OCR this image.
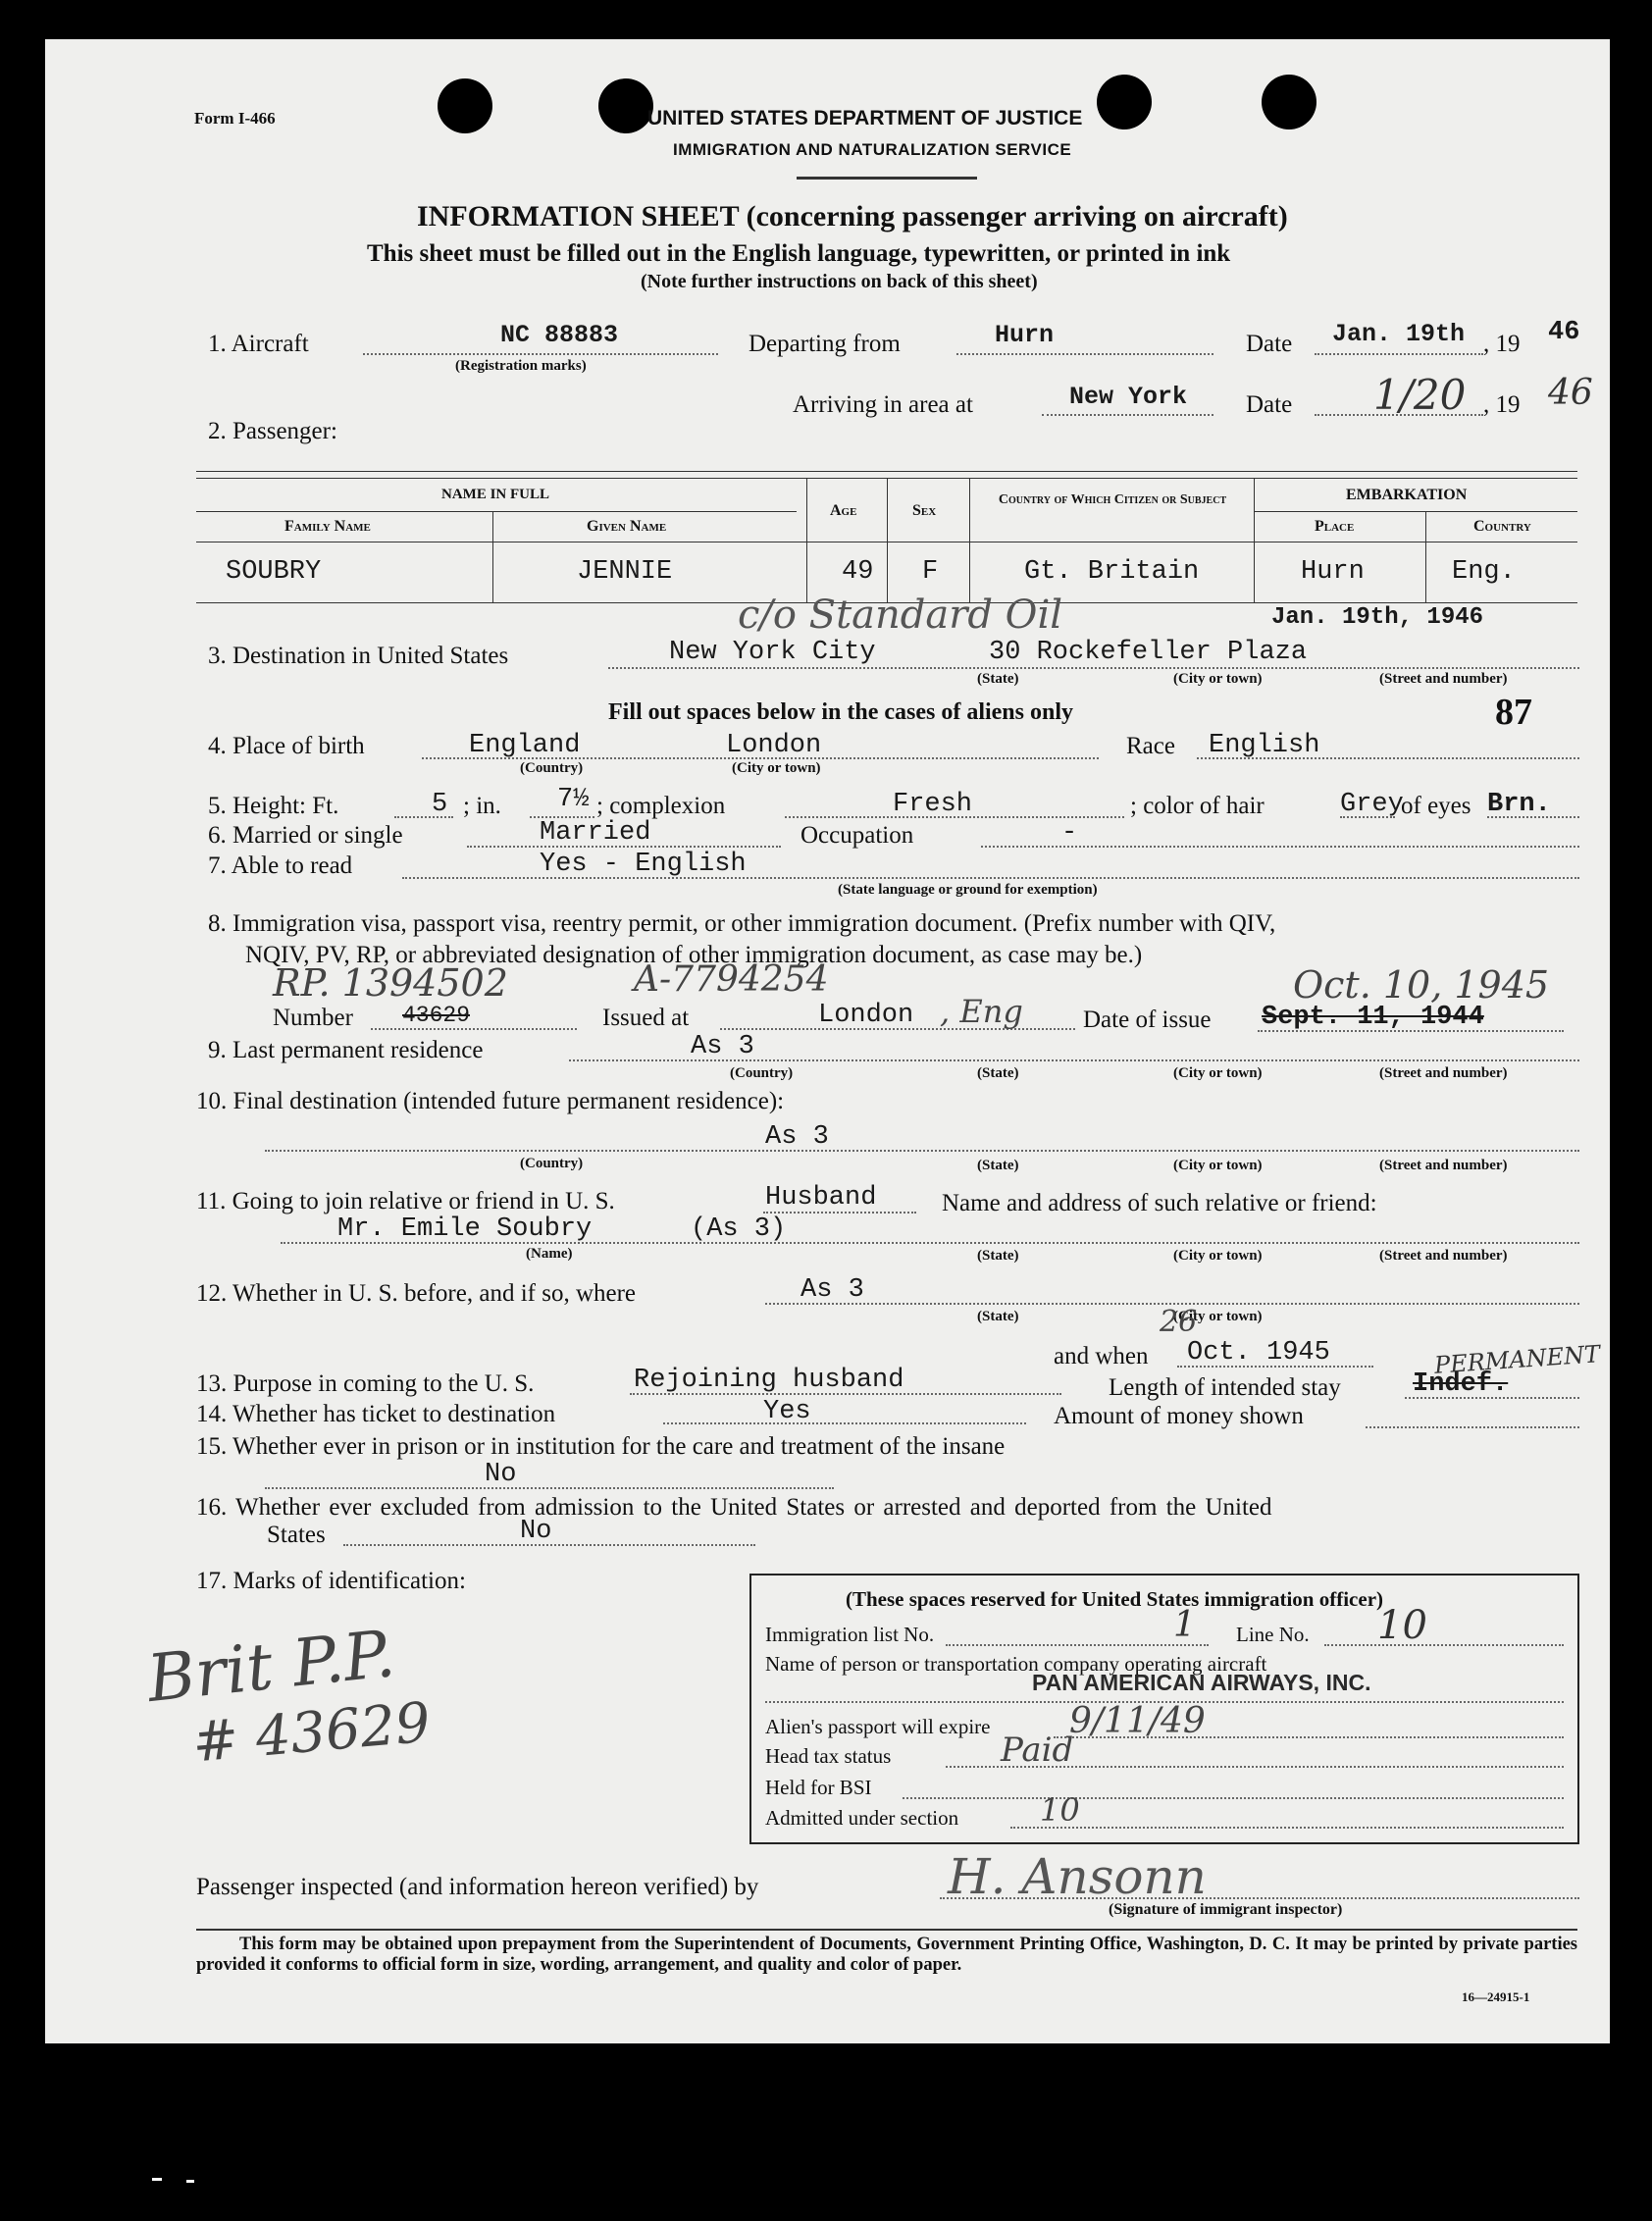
Form I-466	UNITED STATES DEPARTMENT OF JUSTICE
IMMIGRATION AND NATURALIZATION SERVICE
INFORMATION SHEET (concerning passenger arriving on aircraft)
This sheet must be filled out in the English language, typewritten, or printed in ink
(Note further instructions on back of this sheet)
1. Aircraft	NC 88883
(Registration marks)
Departing from	Hurn	Date Jan. 19th , 19 46
Arriving in area at	New York Date 1/20 , 19 46
2. Passenger:
NAME IN FULL
Family Name	Given Name
Age	Sex
Country of Which Citizen or Subject	EMBARKATION
Place	Country
SOUBRY	JENNIE	49 F	Gt. Britain	Hurn	Eng.
c/o Standard Oil	Jan. 19th, 1946
3. Destination in United States	New York City	30 Rockefeller Plaza
(State)	(City or town)	(Street and number)
Fill out spaces below in the cases of aliens only	87
4. Place of birth	England	London
(Country)	(City or town)
Race English
5. Height: Ft.	5 ; in. 7½ ; complexion	Fresh	; color of hair	Grey
of eyes Brn.
6. Married or single	Married	Occupation	-
7. Able to read	Yes - English
(State language or ground for exemption)
8. Immigration visa, passport visa, reentry permit, or other immigration document. (Prefix number with QIV,
NQIV, PV, RP, or abbreviated designation of other immigration document, as case may be.)
RP. 1394502	A-7794254	Oct. 10, 1945
Number 43629	Issued at	London , Eng Date of issue Sept. 11, 1944
9. Last permanent residence	As 3
(Country)	(State)	(City or town)	(Street and number)
10. Final destination (intended future permanent residence):
As 3
(Country)	(State)	(City or town)	(Street and number)
11. Going to join relative or friend in U. S.	Husband	Name and address of such relative or friend:
Mr. Emile Soubry	(As 3)
(Name)	(State)	(City or town)	(Street and number)
12. Whether in U. S. before, and if so, where	As 3
(State)	(City or town)
26
and when Oct. 1945
13. Purpose in coming to the U. S.	Rejoining husband	Length of intended stay	Indef.
PERMANENT
14. Whether has ticket to destination	Yes	Amount of money shown
15. Whether ever in prison or in institution for the care and treatment of the insane
No
16. Whether ever excluded from admission to the United States or arrested and deported from the United
States	No
17. Marks of identification:
Brit P.P.
# 43629
(These spaces reserved for United States immigration officer)
Immigration list No.	1 Line No. 10
Name of person or transportation company operating aircraft
PAN AMERICAN AIRWAYS, INC.
Alien's passport will expire 9/11/49
Head tax status	Paid
Held for BSI
Admitted under section	10
Passenger inspected (and information hereon verified) by	H. Ansonn
(Signature of immigrant inspector)
This form may be obtained upon prepayment from the Superintendent of Documents, Government Printing Office, Washington, D. C. It may be printed by private parties provided it conforms to official form in size, wording, arrangement, and quality and color of paper.
16—24915-1
